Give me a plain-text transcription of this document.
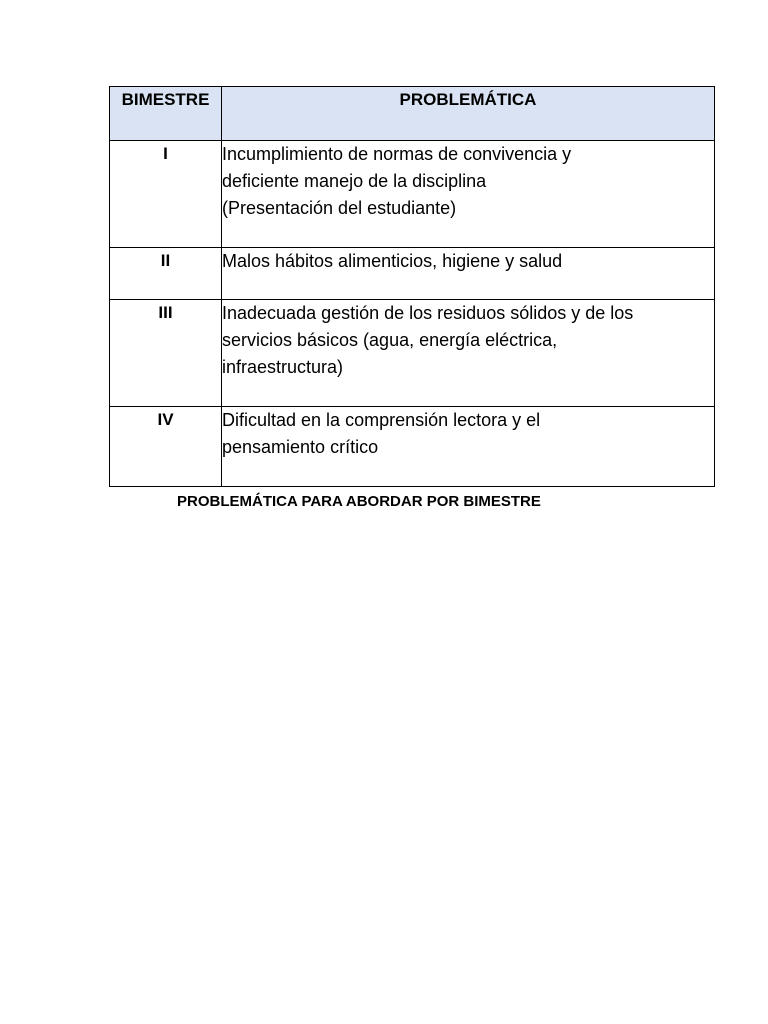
BIMESTRE	PROBLEMÁTICA
I	Incumplimiento de normas de convivencia y
deficiente manejo de la disciplina
(Presentación del estudiante)

II	Malos hábitos alimenticios, higiene y salud

III	Inadecuada gestión de los residuos sólidos y de los
servicios básicos (agua, energía eléctrica,
infraestructura)

IV	Dificultad en la comprensión lectora y el
pensamiento crítico
PROBLEMÁTICA PARA ABORDAR POR BIMESTRE
